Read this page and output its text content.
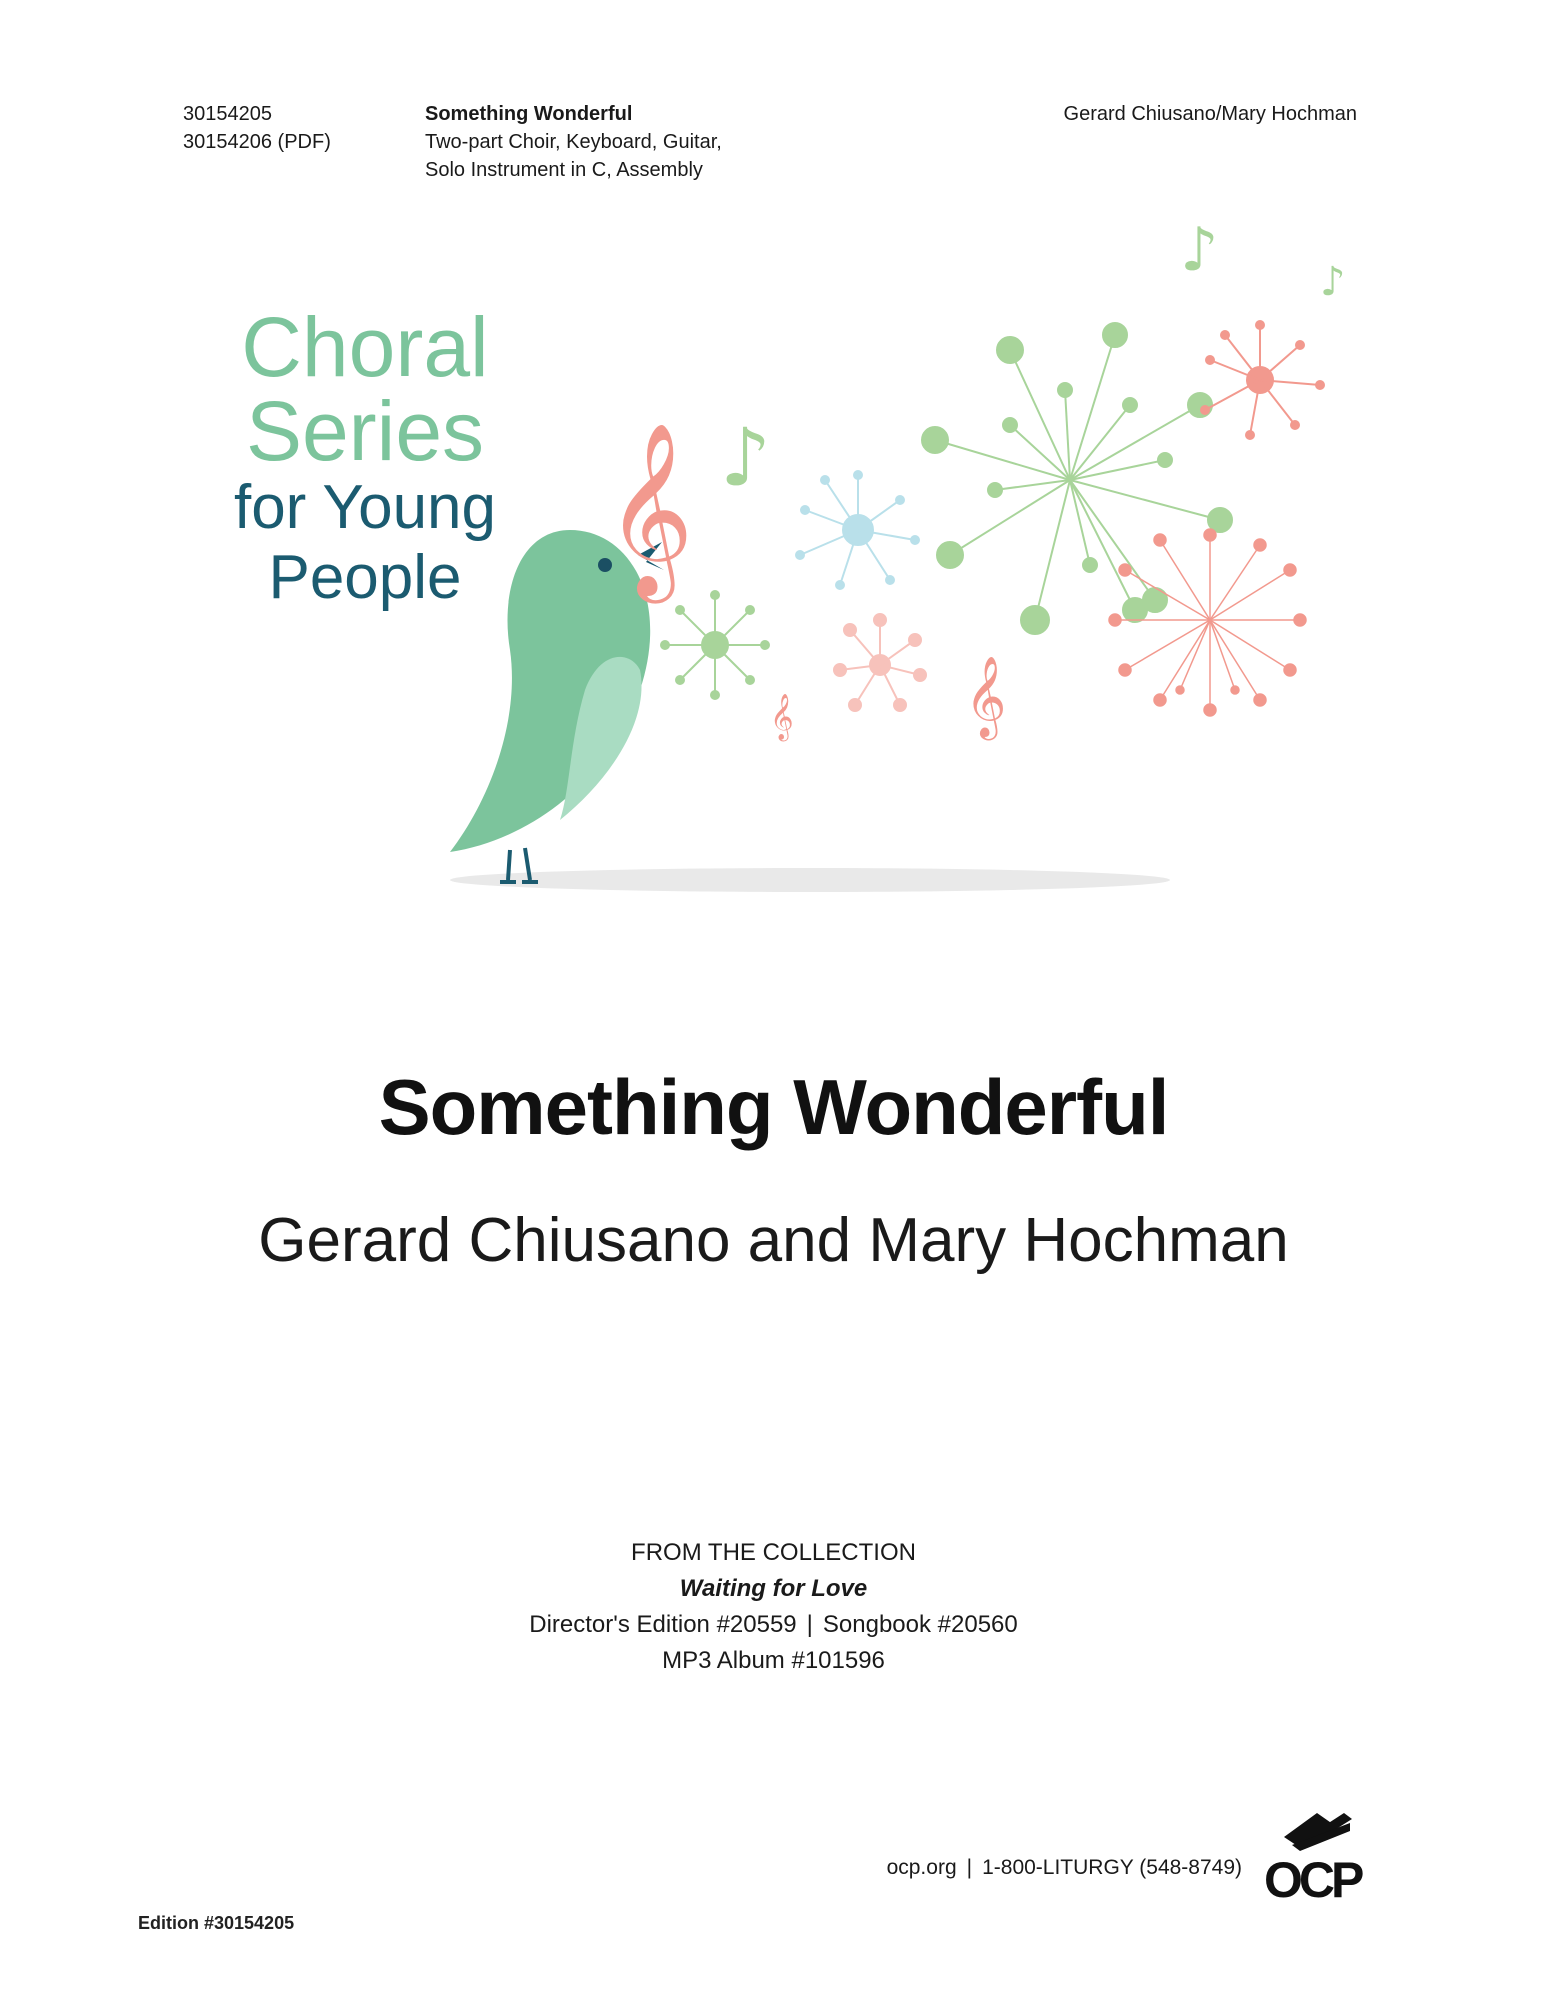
30154205
30154206 (PDF)
Something Wonderful
Two-part Choir, Keyboard, Guitar,
Solo Instrument in C, Assembly
Gerard Chiusano/Mary Hochman
Choral
Series
for Young
People 𝄞
𝄞
𝄞
♪
♪	♪
Something Wonderful
Gerard Chiusano and Mary Hochman
FROM THE COLLECTION
Waiting for Love
Director's Edition #20559 | Songbook #20560
MP3 Album #101596
ocp.org | 1-800-LITURGY (548-8749) OCP
Edition #30154205
